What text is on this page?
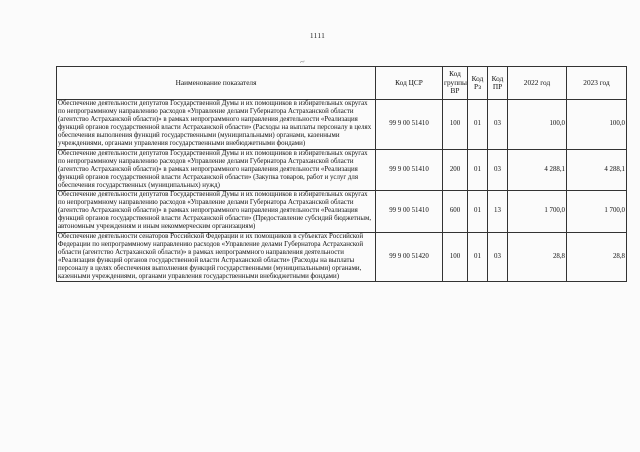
1111
~
Наименование показателя	Код ЦСР	Код группы ВР	Код Рз	Код ПР	2022 год	2023 год
Обеспечение деятельности депутатов Государственной Думы и их помощников в избирательных округах по непрограммному направлению расходов «Управление делами Губернатора Астраханской области (агентство Астраханской области)» в рамках непрограммного направления деятельности «Реализация функций органов государственной власти Астраханской области» (Расходы на выплаты персоналу в целях обеспечения выполнения функций государственными (муниципальными) органами, казенными учреждениями, органами управления государственными внебюджетными фондами)	99 9 00 51410	100	01	03	100,0	100,0
Обеспечение деятельности депутатов Государственной Думы и их помощников в избирательных округах по непрограммному направлению расходов «Управление делами Губернатора Астраханской области (агентство Астраханской области)» в рамках непрограммного направления деятельности «Реализация функций органов государственной власти Астраханской области» (Закупка товаров, работ и услуг для обеспечения государственных (муниципальных) нужд)	99 9 00 51410	200	01	03	4 288,1	4 288,1
Обеспечение деятельности депутатов Государственной Думы и их помощников в избирательных округах по непрограммному направлению расходов «Управление делами Губернатора Астраханской области (агентство Астраханской области)» в рамках непрограммного направления деятельности «Реализация функций органов государственной власти Астраханской области» (Предоставление субсидий бюджетным, автономным учреждениям и иным некоммерческим организациям)	99 9 00 51410	600	01	13	1 700,0	1 700,0
Обеспечение деятельности сенаторов Российской Федерации и их помощников в субъектах Российской Федерации по непрограммному направлению расходов «Управление делами Губернатора Астраханской области (агентство Астраханской области)» в рамках непрограммного направления деятельности «Реализация функций органов государственной власти Астраханской области» (Расходы на выплаты персоналу в целях обеспечения выполнения функций государственными (муниципальными) органами, казенными учреждениями, органами управления государственными внебюджетными фондами)	99 9 00 51420	100	01	03	28,8	28,8
